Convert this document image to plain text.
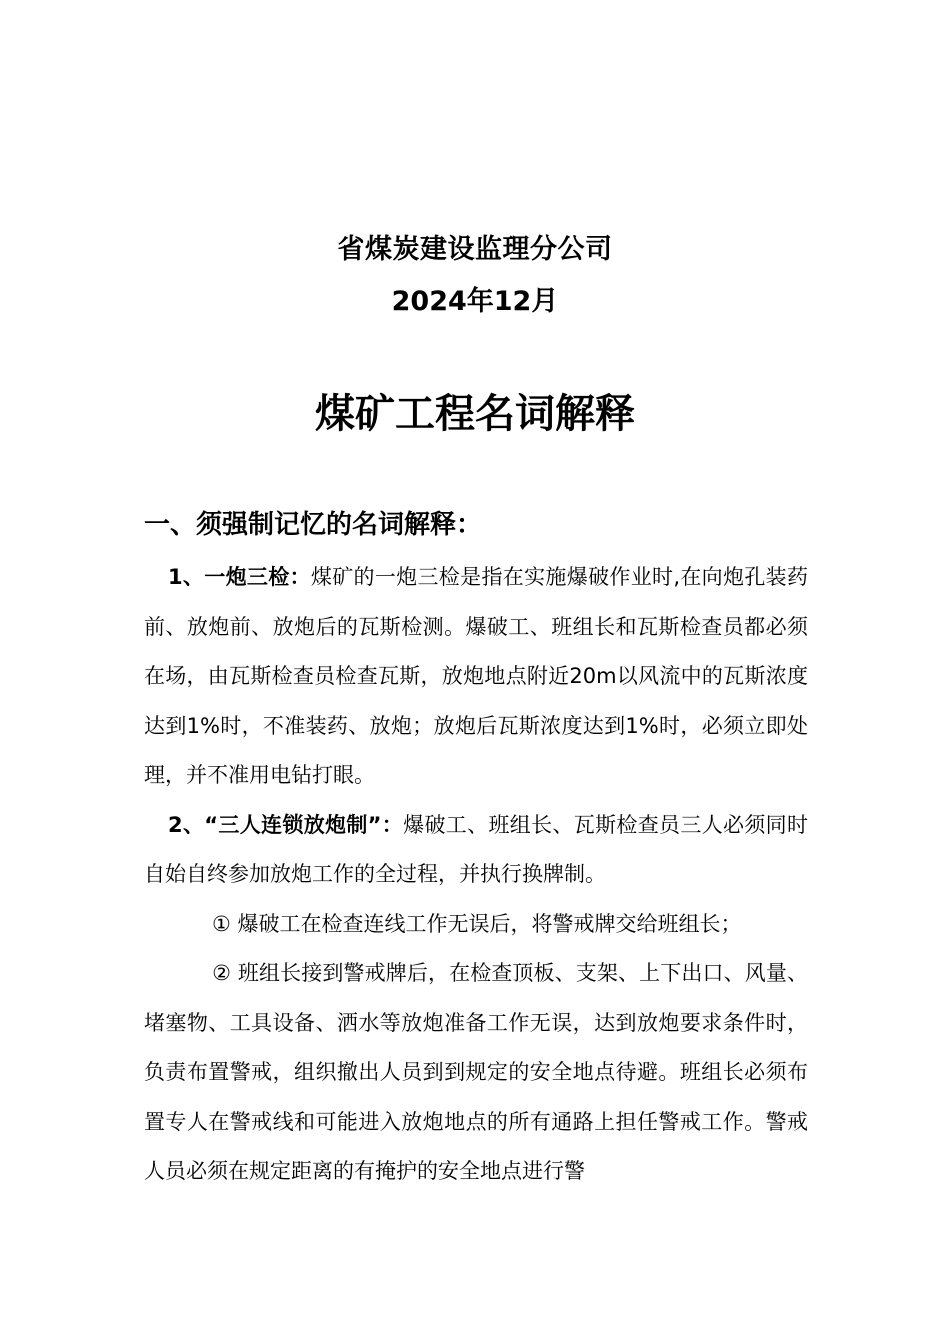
省煤炭建设监理分公司
2024年12月
煤矿工程名词解释
一、须强制记忆的名词解释：

1、一炮三检：煤矿的一炮三检是指在实施爆破作业时,在向炮孔装药前、放炮前、放炮后的瓦斯检测。爆破工、班组长和瓦斯检查员都必须在场，由瓦斯检查员检查瓦斯，放炮地点附近20m以风流中的瓦斯浓度达到1%时，不准装药、放炮；放炮后瓦斯浓度达到1%时，必须立即处理，并不准用电钻打眼。

2、“三人连锁放炮制”：爆破工、班组长、瓦斯检查员三人必须同时自始自终参加放炮工作的全过程，并执行换牌制。

① 爆破工在检查连线工作无误后，将警戒牌交给班组长；

② 班组长接到警戒牌后，在检查顶板、支架、上下出口、风量、堵塞物、工具设备、洒水等放炮准备工作无误，达到放炮要求条件时，负责布置警戒，组织撤出人员到到规定的安全地点待避。班组长必须布置专人在警戒线和可能进入放炮地点的所有通路上担任警戒工作。警戒人员必须在规定距离的有掩护的安全地点进行警
